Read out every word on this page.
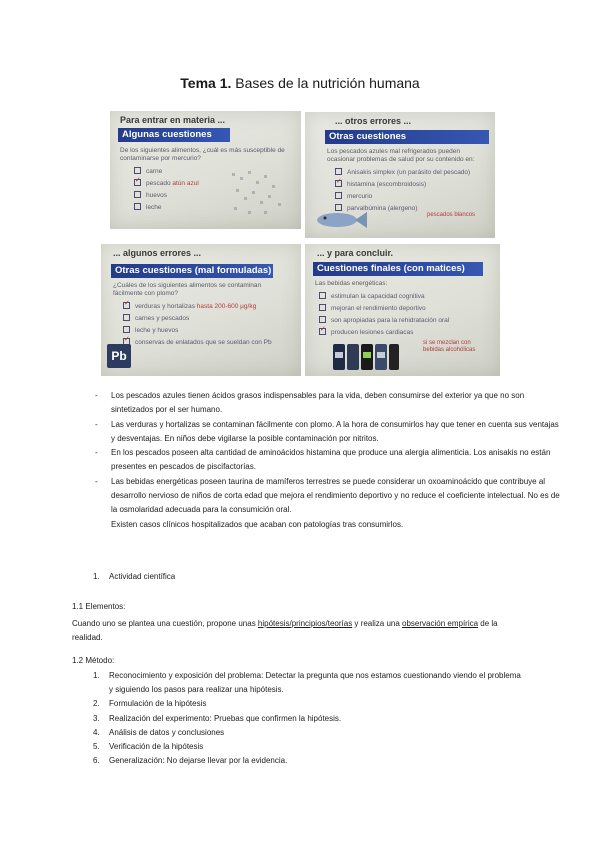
Tema 1. Bases de la nutrición humana
Para entrar en materia ...
Algunas cuestiones
De los siguientes alimentos, ¿cuál es más susceptible de contaminarse por mercurio?
carne
✓pescado atún azul
huevos
leche
... otros errores ...
Otras cuestiones
Los pescados azules mal refrigerados pueden ocasionar problemas de salud por su contenido en:
Anisakis simplex (un parásito del pescado)
✓histamina (escombroidosis)
mercurio
parvalbúmina (alergeno)
pescados blancos
... algunos errores ...
Otras cuestiones (mal formuladas)
¿Cuáles de los siguientes alimentos se contaminan fácilmente con plomo?
✓verduras y hortalizas hasta 200-600 µg/kg
carnes y pescados
leche y huevos
✓conservas de enlatados que se sueldan con Pb
Pb
... y para concluir.
Cuestiones finales (con matices)
Las bebidas energéticas:
estimulan la capacidad cognitiva
mejoran el rendimiento deportivo
son apropiadas para la rehidratación oral
✓producen lesiones cardiacas
si se mezclan con bebidas alcohólicas
- Los pescados azules tienen ácidos grasos indispensables para la vida, deben consumirse del exterior ya que no son sintetizados por el ser humano.
- Las verduras y hortalizas se contaminan fácilmente con plomo. A la hora de consumirlos hay que tener en cuenta sus ventajas y desventajas. En niños debe vigilarse la posible contaminación por nitritos.
- En los pescados poseen alta cantidad de aminoácidos histamina que produce una alergia alimenticia. Los anisakis no están presentes en pescados de piscifactorías.
- Las bebidas energéticas poseen taurina de mamíferos terrestres se puede considerar un oxoaminoácido que contribuye al desarrollo nervioso de niños de corta edad que mejora el rendimiento deportivo y no reduce el coeficiente intelectual. No es de la osmolaridad adecuada para la consumición oral.
Existen casos clínicos hospitalizados que acaban con patologías tras consumirlos.
1. Actividad científica
1.1 Elementos:
Cuando uno se plantea una cuestión, propone unas hipótesis/principios/teorías y realiza una observación empírica de la realidad.
1.2 Método:
1. Reconocimiento y exposición del problema: Detectar la pregunta que nos estamos cuestionando viendo el problema y siguiendo los pasos para realizar una hipótesis.
2. Formulación de la hipótesis
3. Realización del experimento: Pruebas que confirmen la hipótesis.
4. Análisis de datos y conclusiones
5. Verificación de la hipótesis
6. Generalización: No dejarse llevar por la evidencia.
